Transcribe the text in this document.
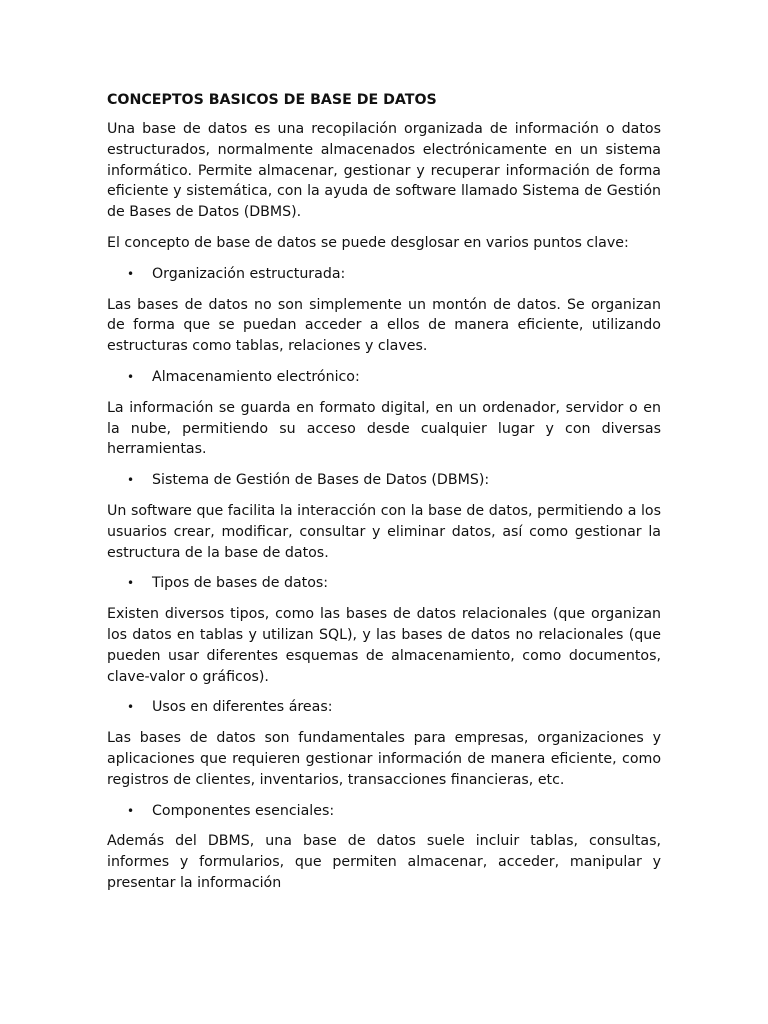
CONCEPTOS BASICOS DE BASE DE DATOS

Una base de datos es una recopilación organizada de información o datos estructurados, normalmente almacenados electrónicamente en un sistema informático. Permite almacenar, gestionar y recuperar información de forma eficiente y sistemática, con la ayuda de software llamado Sistema de Gestión de Bases de Datos (DBMS).

El concepto de base de datos se puede desglosar en varios puntos clave:

• Organización estructurada:

Las bases de datos no son simplemente un montón de datos. Se organizan de forma que se puedan acceder a ellos de manera eficiente, utilizando estructuras como tablas, relaciones y claves.

• Almacenamiento electrónico:

La información se guarda en formato digital, en un ordenador, servidor o en la nube, permitiendo su acceso desde cualquier lugar y con diversas herramientas.

• Sistema de Gestión de Bases de Datos (DBMS):

Un software que facilita la interacción con la base de datos, permitiendo a los usuarios crear, modificar, consultar y eliminar datos, así como gestionar la estructura de la base de datos.

• Tipos de bases de datos:

Existen diversos tipos, como las bases de datos relacionales (que organizan los datos en tablas y utilizan SQL), y las bases de datos no relacionales (que pueden usar diferentes esquemas de almacenamiento, como documentos, clave-valor o gráficos).

• Usos en diferentes áreas:

Las bases de datos son fundamentales para empresas, organizaciones y aplicaciones que requieren gestionar información de manera eficiente, como registros de clientes, inventarios, transacciones financieras, etc.

• Componentes esenciales:

Además del DBMS, una base de datos suele incluir tablas, consultas, informes y formularios, que permiten almacenar, acceder, manipular y presentar la información
